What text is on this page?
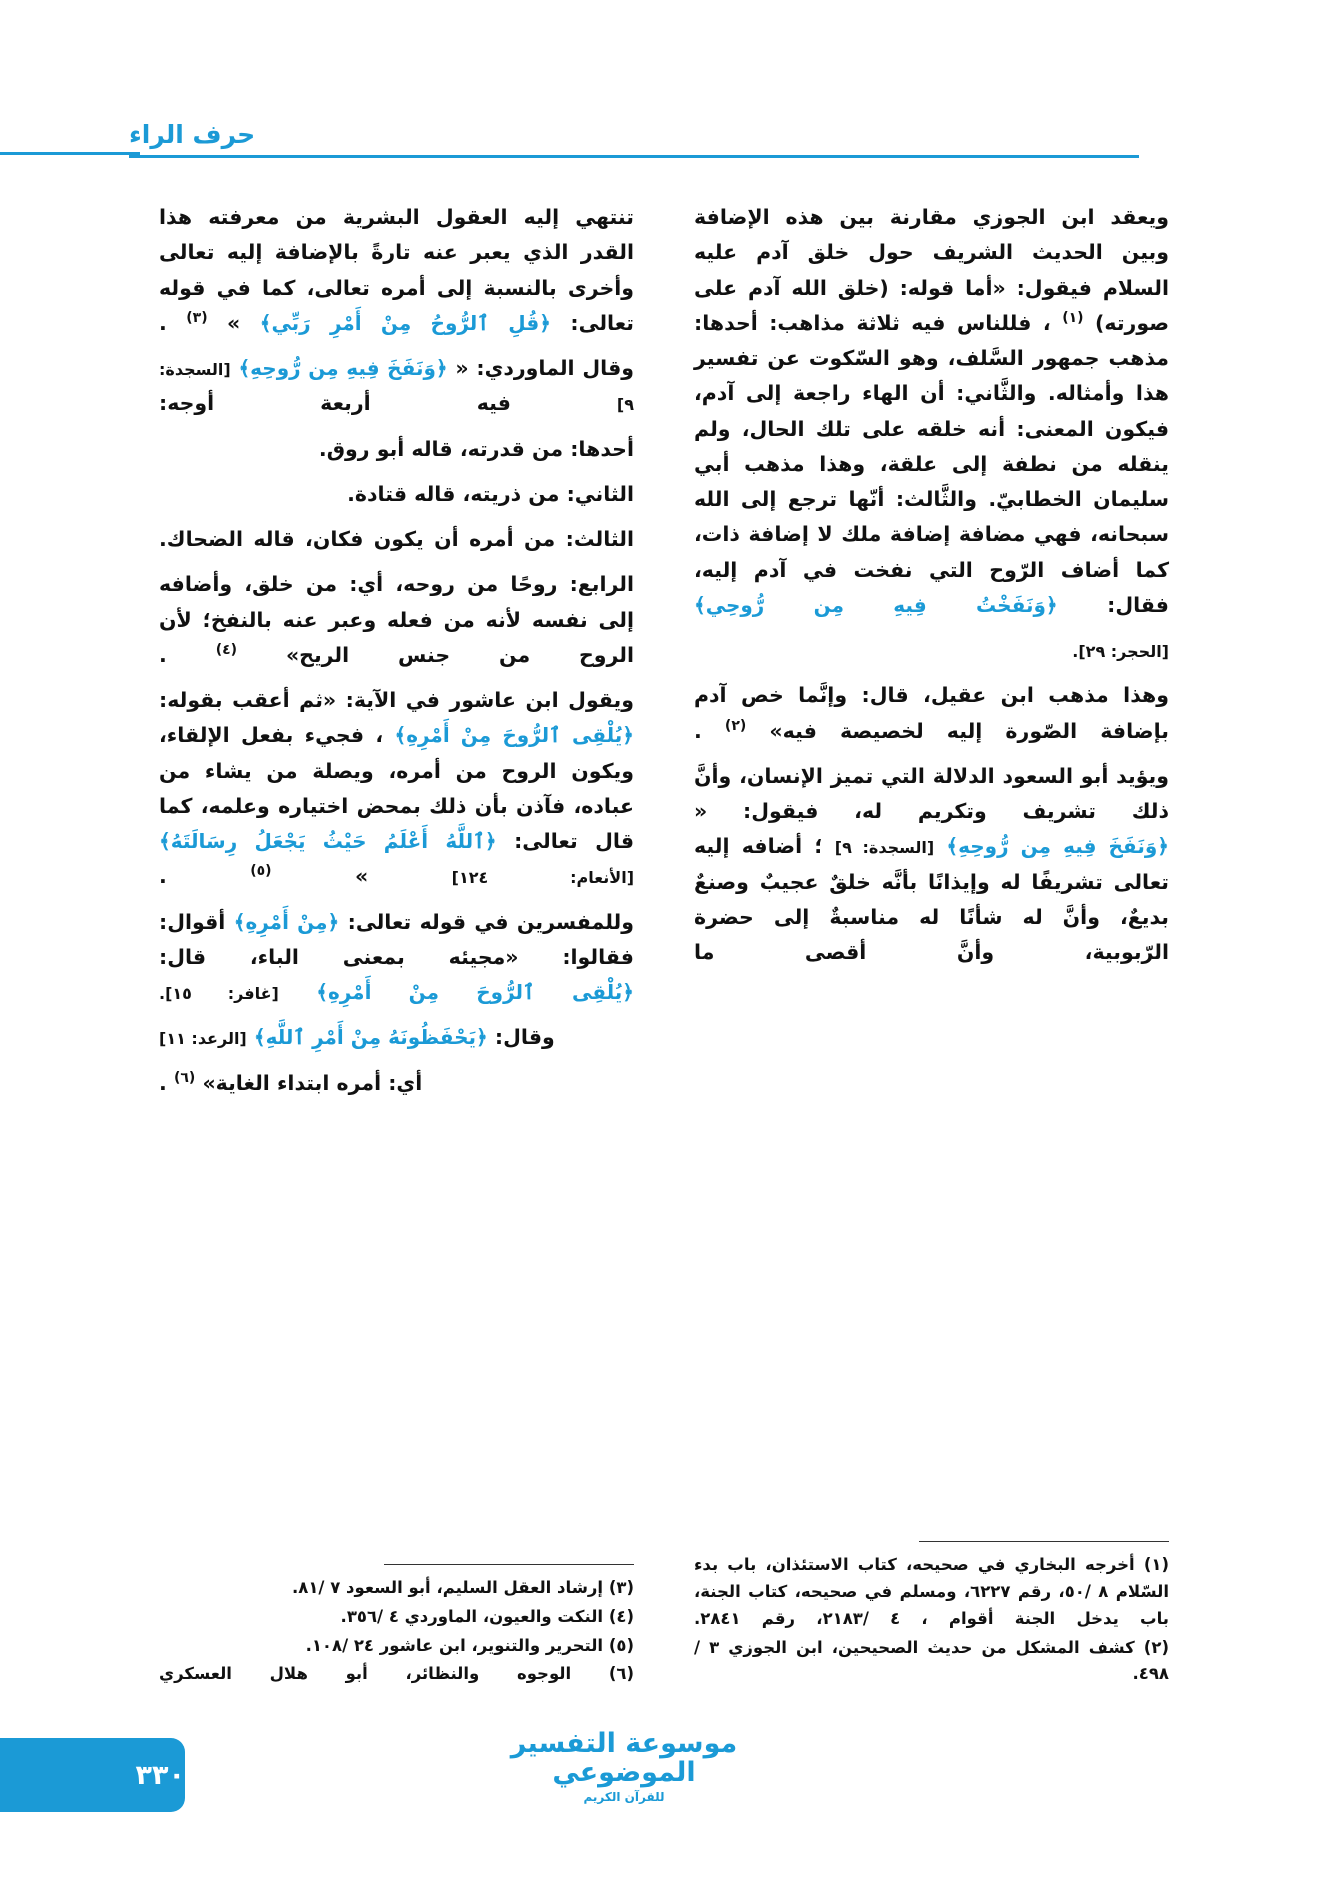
حرف الراء

ويعقد ابن الجوزي مقارنة بين هذه الإضافة وبين الحديث الشريف حول خلق آدم عليه السلام فيقول: «أما قوله: (خلق الله آدم على صورته) $^{(١)}$ ، فللناس فيه ثلاثة مذاهب: أحدها: مذهب جمهور السَّلف، وهو السّكوت عن تفسير هذا وأمثاله. والثَّاني: أن الهاء راجعة إلى آدم، فيكون المعنى: أنه خلقه على تلك الحال، ولم ينقله من نطفة إلى علقة، وهذا مذهب أبي سليمان الخطابيّ. والثَّالث: أنّها ترجع إلى الله سبحانه، فهي مضافة إضافة ملك لا إضافة ذات، كما أضاف الرّوح التي نفخت في آدم إليه، فقال: ﴿وَنَفَخْتُ فِيهِ مِن رُّوحِي﴾

[الحجر: ٢٩].

وهذا مذهب ابن عقيل، قال: وإنَّما خص آدم بإضافة الصّورة إليه لخصيصة فيه» $^{(٢)}$ .

ويؤيد أبو السعود الدلالة التي تميز الإنسان، وأنَّ ذلك تشريف وتكريم له، فيقول: « ﴿وَنَفَخَ فِيهِ مِن رُّوحِهِ﴾ [السجدة: ٩] ؛ أضافه إليه تعالى تشريفًا له وإيذانًا بأنَّه خلقٌ عجيبٌ وصنعٌ بديعٌ، وأنَّ له شأنًا له مناسبةٌ إلى حضرة الرّبوبية، وأنَّ أقصى ما

(١) أخرجه البخاري في صحيحه، كتاب الاستئذان، باب بدء السّلام ٨ /٥٠، رقم ٦٢٢٧، ومسلم في صحيحه، كتاب الجنة، باب يدخل الجنة أقوام ، ٤ /٢١٨٣، رقم ٢٨٤١.

(٢) كشف المشكل من حديث الصحيحين، ابن الجوزي ٣ /٤٩٨.

تنتهي إليه العقول البشرية من معرفته هذا القدر الذي يعبر عنه تارةً بالإضافة إليه تعالى وأخرى بالنسبة إلى أمره تعالى، كما في قوله تعالى: ﴿قُلِ ٱلرُّوحُ مِنْ أَمْرِ رَبِّي﴾ » $^{(٣)}$ .

وقال الماوردي: « ﴿وَنَفَخَ فِيهِ مِن رُّوحِهِ﴾ [السجدة: ٩] فيه أربعة أوجه:

أحدها: من قدرته، قاله أبو روق.

الثاني: من ذريته، قاله قتادة.

الثالث: من أمره أن يكون فكان، قاله الضحاك.

الرابع: روحًا من روحه، أي: من خلق، وأضافه إلى نفسه لأنه من فعله وعبر عنه بالنفخ؛ لأن الروح من جنس الريح» $^{(٤)}$ .

ويقول ابن عاشور في الآية: «ثم أعقب بقوله: ﴿يُلْقِى ٱلرُّوحَ مِنْ أَمْرِهِ﴾ ، فجيء بفعل الإلقاء، ويكون الروح من أمره، ويصلة من يشاء من عباده، فآذن بأن ذلك بمحض اختياره وعلمه، كما قال تعالى: ﴿ٱللَّهُ أَعْلَمُ حَيْثُ يَجْعَلُ رِسَالَتَهُ﴾ [الأنعام: ١٢٤] » $^{(٥)}$ .

وللمفسرين في قوله تعالى: ﴿مِنْ أَمْرِهِ﴾ أقوال: فقالوا: «مجيئه بمعنى الباء، قال: ﴿يُلْقِى ٱلرُّوحَ مِنْ أَمْرِهِ﴾ [غافر: ١٥].

وقال: ﴿يَحْفَظُونَهُ مِنْ أَمْرِ ٱللَّهِ﴾ [الرعد: ١١]

أي: أمره ابتداء الغاية» $^{(٦)}$ .

(٣) إرشاد العقل السليم، أبو السعود ٧ /٨١.

(٤) النكت والعيون، الماوردي ٤ /٣٥٦.

(٥) التحرير والتنوير، ابن عاشور ٢٤ /١٠٨.

(٦) الوجوه والنظائر، أبو هلال العسكري

موسوعة التفسير الموضوعي
للقرآن الكريم
٣٣٠
